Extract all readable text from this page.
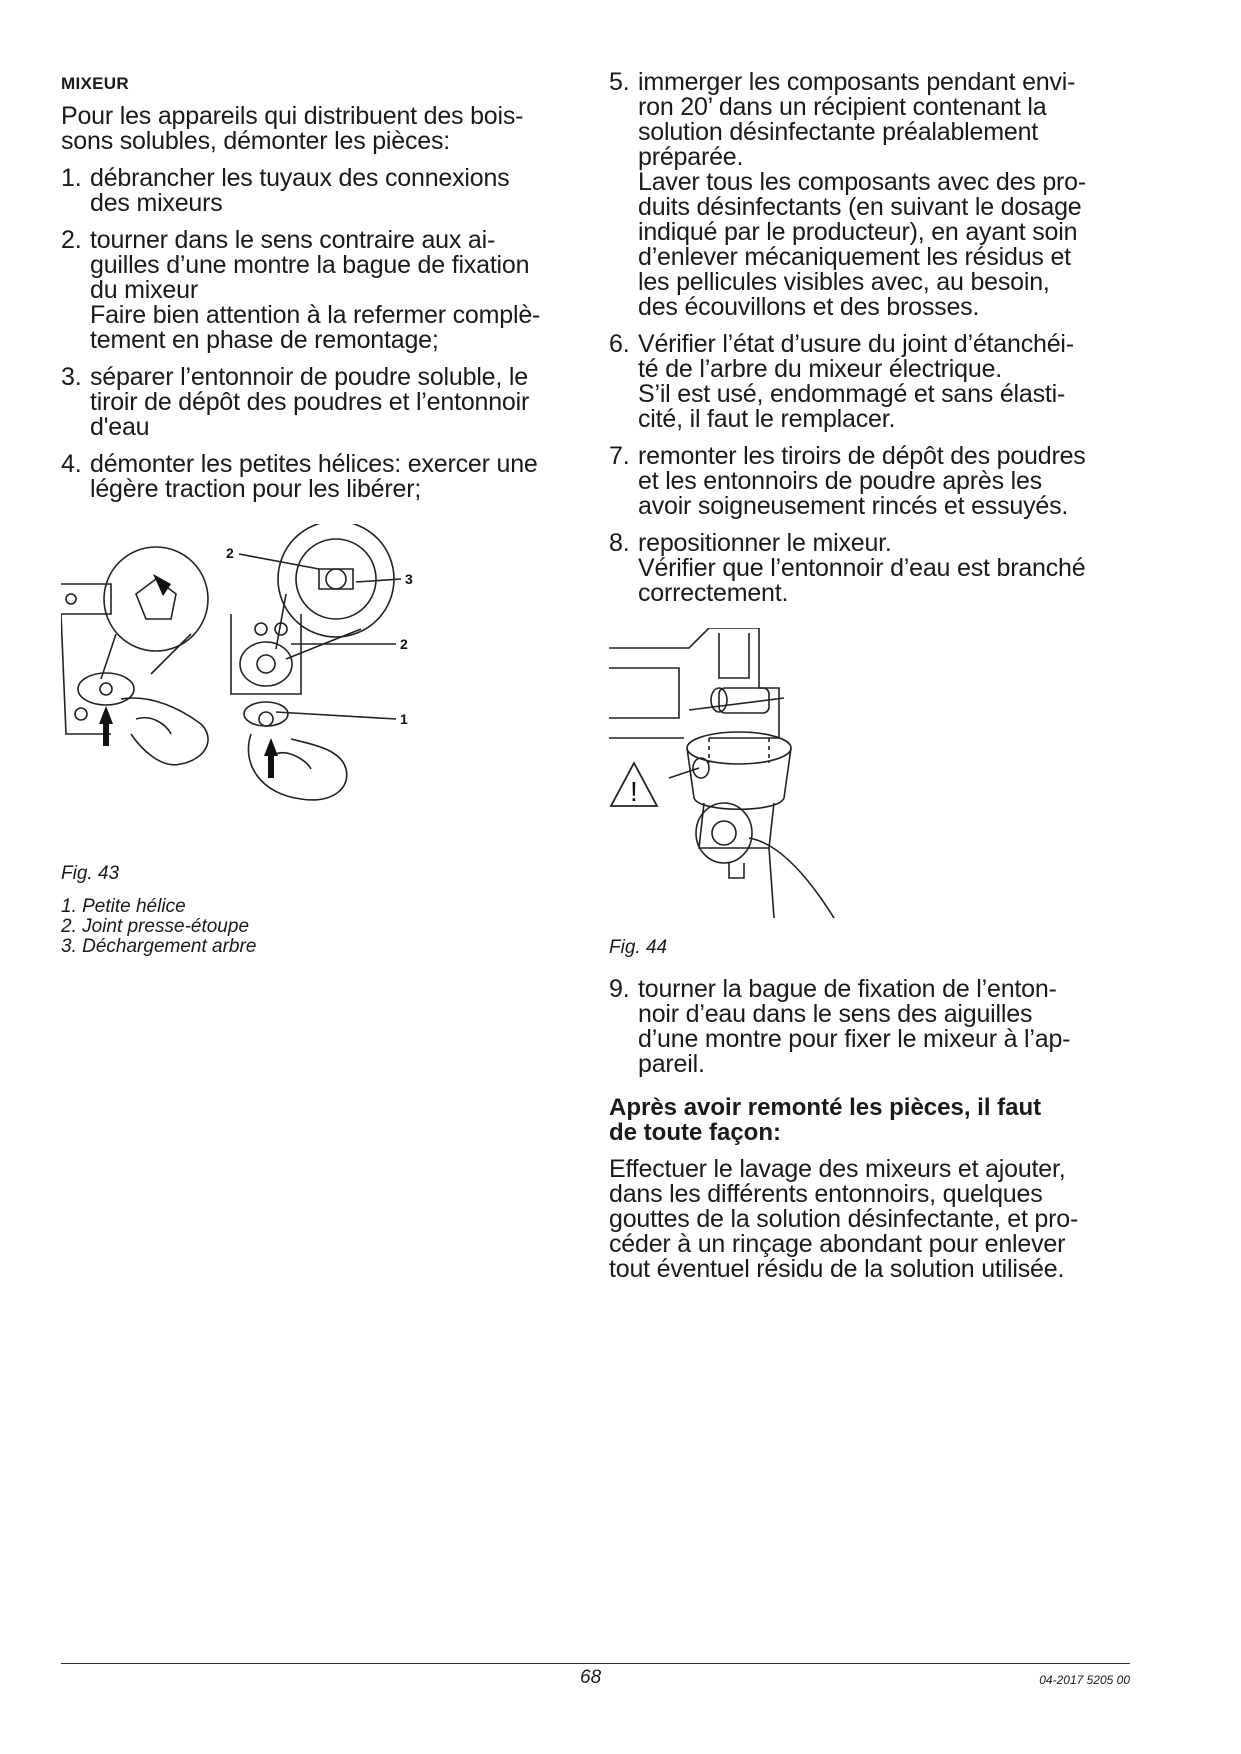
MIXEUR
Pour les appareils qui distribuent des bois-
sons solubles, démonter les pièces:
1. débrancher les tuyaux des connexions
des mixeurs
2. tourner dans le sens contraire aux ai-
guilles d’une montre la bague de fixation
du mixeur
Faire bien attention à la refermer complè-
tement en phase de remontage;
3. séparer l’entonnoir de poudre soluble, le
tiroir de dépôt des poudres et l’entonnoir
d'eau
4. démonter les petites hélices: exercer une
légère traction pour les libérer;
2
3
2
1
Fig. 43
1. Petite hélice
2. Joint presse-étoupe
3. Déchargement arbre
5. immerger les composants pendant envi-
ron 20’ dans un récipient contenant la
solution désinfectante préalablement
préparée.
Laver tous les composants avec des pro-
duits désinfectants (en suivant le dosage
indiqué par le producteur), en ayant soin
d’enlever mécaniquement les résidus et
les pellicules visibles avec, au besoin,
des écouvillons et des brosses.
6. Vérifier l’état d’usure du joint d’étanchéi-
té de l’arbre du mixeur électrique.
S’il est usé, endommagé et sans élasti-
cité, il faut le remplacer.
7. remonter les tiroirs de dépôt des poudres
et les entonnoirs de poudre après les
avoir soigneusement rincés et essuyés.
8. repositionner le mixeur.
Vérifier que l’entonnoir d’eau est branché
correctement.
!
Fig. 44
9. tourner la bague de fixation de l’enton-
noir d’eau dans le sens des aiguilles
d’une montre pour fixer le mixeur à l’ap-
pareil.
Après avoir remonté les pièces, il faut
de toute façon:
Effectuer le lavage des mixeurs et ajouter,
dans les différents entonnoirs, quelques
gouttes de la solution désinfectante, et pro-
céder à un rinçage abondant pour enlever
tout éventuel résidu de la solution utilisée.
68	04-2017 5205 00
